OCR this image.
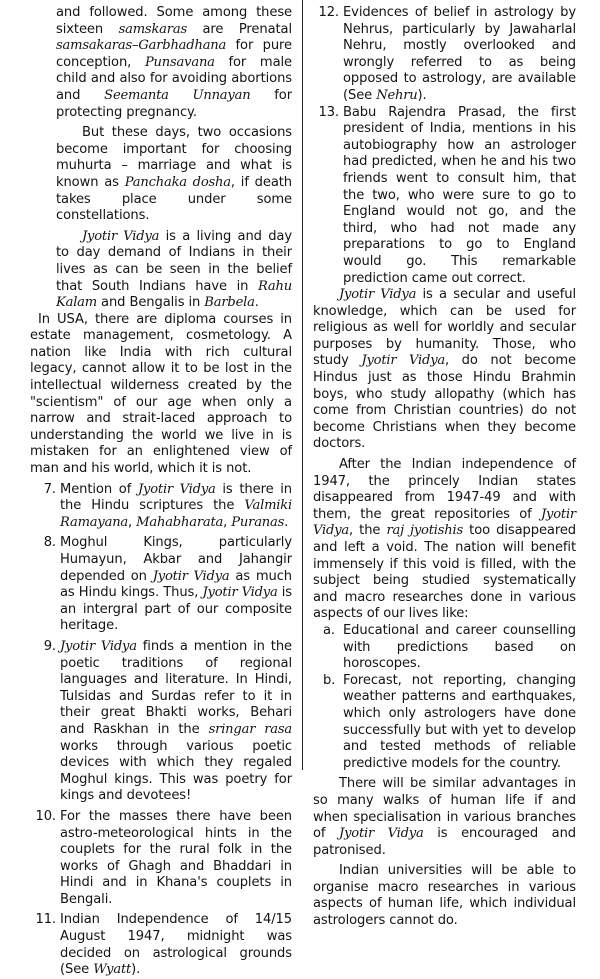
and followed. Some among these sixteen samskaras are Prenatal samsakaras–Garbhadhana for pure conception, Punsavana for male child and also for avoiding abortions and Seemanta Unnayan for protecting pregnancy.

But these days, two occasions become important for choosing muhurta – marriage and what is known as Panchaka dosha, if death takes place under some constellations.

Jyotir Vidya is a living and day to day demand of Indians in their lives as can be seen in the belief that South Indians have in Rahu Kalam and Bengalis in Barbela.

In USA, there are diploma courses in estate management, cosmetology. A nation like India with rich cultural legacy, cannot allow it to be lost in the intellectual wilderness created by the "scientism" of our age when only a narrow and strait-laced approach to understanding the world we live in is mistaken for an enlightened view of man and his world, which it is not.

7. Mention of Jyotir Vidya is there in the Hindu scriptures the Valmiki Ramayana, Mahabharata, Puranas.
8. Moghul Kings, particularly Humayun, Akbar and Jahangir depended on Jyotir Vidya as much as Hindu kings. Thus, Jyotir Vidya is an intergral part of our composite heritage.
9. Jyotir Vidya finds a mention in the poetic traditions of regional languages and literature. In Hindi, Tulsidas and Surdas refer to it in their great Bhakti works, Behari and Raskhan in the sringar rasa works through various poetic devices with which they regaled Moghul kings. This was poetry for kings and devotees!
10. For the masses there have been astro-meteorological hints in the couplets for the rural folk in the works of Ghagh and Bhaddari in Hindi and in Khana's couplets in Bengali.
11. Indian Independence of 14/15 August 1947, midnight was decided on astrological grounds (See Wyatt).
12. Evidences of belief in astrology by Nehrus, particularly by Jawaharlal Nehru, mostly overlooked and wrongly referred to as being opposed to astrology, are available (See Nehru).
13. Babu Rajendra Prasad, the first president of India, mentions in his autobiography how an astrologer had predicted, when he and his two friends went to consult him, that the two, who were sure to go to England would not go, and the third, who had not made any preparations to go to England would go. This remarkable prediction came out correct.

Jyotir Vidya is a secular and useful knowledge, which can be used for religious as well for worldly and secular purposes by humanity. Those, who study Jyotir Vidya, do not become Hindus just as those Hindu Brahmin boys, who study allopathy (which has come from Christian countries) do not become Christians when they become doctors.

After the Indian independence of 1947, the princely Indian states disappeared from 1947-49 and with them, the great repositories of Jyotir Vidya, the raj jyotishis too disappeared and left a void. The nation will benefit immensely if this void is filled, with the subject being studied systematically and macro researches done in various aspects of our lives like:

a. Educational and career counselling with predictions based on horoscopes.
b. Forecast, not reporting, changing weather patterns and earthquakes, which only astrologers have done successfully but with yet to develop and tested methods of reliable predictive models for the country.

There will be similar advantages in so many walks of human life if and when specialisation in various branches of Jyotir Vidya is encouraged and patronised.

Indian universities will be able to organise macro researches in various aspects of human life, which individual astrologers cannot do.
